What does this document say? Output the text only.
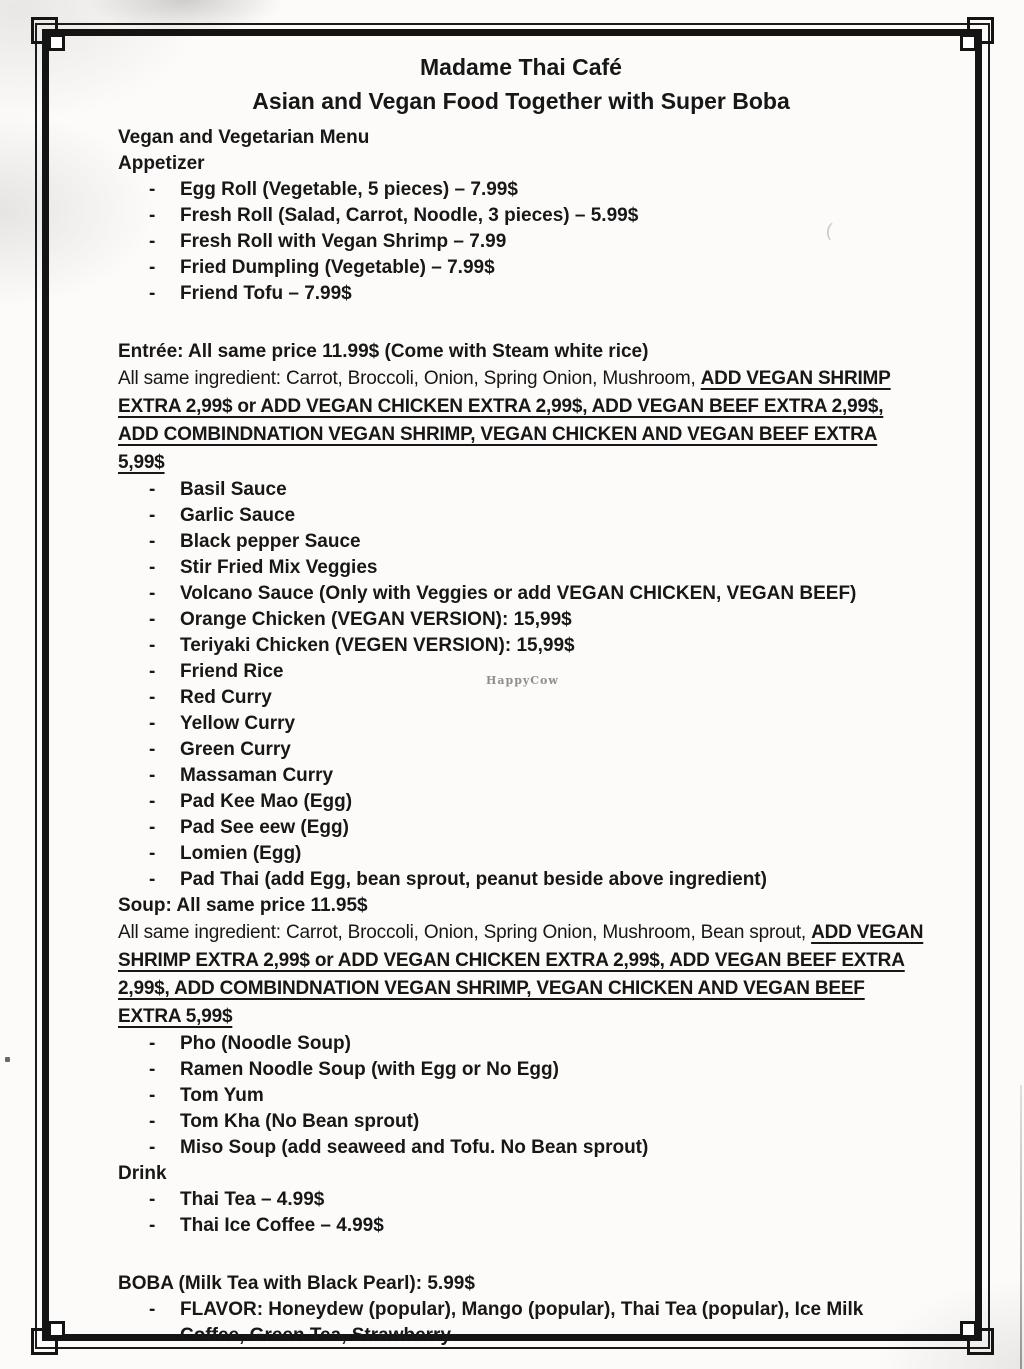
Madame Thai Café
Asian and Vegan Food Together with Super Boba
Vegan and Vegetarian Menu
Appetizer
-	Egg Roll (Vegetable, 5 pieces) – 7.99$
-	Fresh Roll (Salad, Carrot, Noodle, 3 pieces) – 5.99$
-	Fresh Roll with Vegan Shrimp – 7.99
-	Fried Dumpling (Vegetable) – 7.99$
-	Friend Tofu – 7.99$
Entrée: All same price 11.99$ (Come with Steam white rice)

All same ingredient: Carrot, Broccoli, Onion, Spring Onion, Mushroom, ADD VEGAN SHRIMP EXTRA 2,99$ or ADD VEGAN CHICKEN EXTRA 2,99$, ADD VEGAN BEEF EXTRA 2,99$, ADD COMBINDNATION VEGAN SHRIMP, VEGAN CHICKEN AND VEGAN BEEF EXTRA 5,99$

-	Basil Sauce
-	Garlic Sauce
-	Black pepper Sauce
-	Stir Fried Mix Veggies
-	Volcano Sauce (Only with Veggies or add VEGAN CHICKEN, VEGAN BEEF)
-	Orange Chicken (VEGAN VERSION): 15,99$
-	Teriyaki Chicken (VEGEN VERSION): 15,99$
-	Friend Rice
-	Red Curry
-	Yellow Curry
-	Green Curry
-	Massaman Curry
-	Pad Kee Mao (Egg)
-	Pad See eew (Egg)
-	Lomien (Egg)
-	Pad Thai (add Egg, bean sprout, peanut beside above ingredient)
Soup: All same price 11.95$

All same ingredient: Carrot, Broccoli, Onion, Spring Onion, Mushroom, Bean sprout, ADD VEGAN SHRIMP EXTRA 2,99$ or ADD VEGAN CHICKEN EXTRA 2,99$, ADD VEGAN BEEF EXTRA 2,99$, ADD COMBINDNATION VEGAN SHRIMP, VEGAN CHICKEN AND VEGAN BEEF EXTRA 5,99$

-	Pho (Noodle Soup)
-	Ramen Noodle Soup (with Egg or No Egg)
-	Tom Yum
-	Tom Kha (No Bean sprout)
-	Miso Soup (add seaweed and Tofu. No Bean sprout)
Drink
-	Thai Tea – 4.99$
-	Thai Ice Coffee – 4.99$
BOBA (Milk Tea with Black Pearl): 5.99$
-	FLAVOR: Honeydew (popular), Mango (popular), Thai Tea (popular), Ice Milk Coffee, Green Tea, Strawberry.
HappyCow
(
